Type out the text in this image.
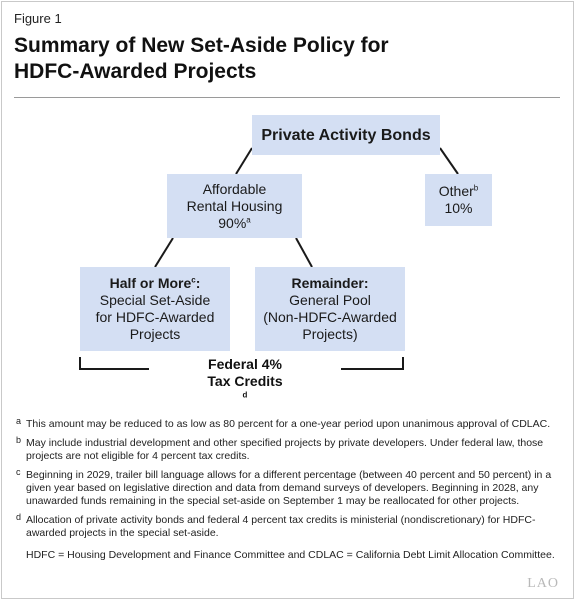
Figure 1
Summary of New Set-Aside Policy for
HDFC-Awarded Projects
Private Activity Bonds
Affordable
Rental Housing
90%$^a$
Other$^b$
10%
Half or More$^c$:
Special Set-Aside
for HDFC-Awarded
Projects
Remainder:
General Pool
(Non-HDFC-Awarded
Projects)
Federal 4%
Tax Credits
$^d$
a This amount may be reduced to as low as 80 percent for a one-year period upon unanimous approval of CDLAC.
b May include industrial development and other specified projects by private developers. Under federal law, those projects are not eligible for 4 percent tax credits.
c Beginning in 2029, trailer bill language allows for a different percentage (between 40 percent and 50 percent) in a given year based on legislative direction and data from demand surveys of developers. Beginning in 2028, any unawarded funds remaining in the special set-aside on September 1 may be reallocated for other projects.
d Allocation of private activity bonds and federal 4 percent tax credits is ministerial (nondiscretionary) for HDFC-awarded projects in the special set-aside.
HDFC = Housing Development and Finance Committee and CDLAC = California Debt Limit Allocation Committee.
LAO
